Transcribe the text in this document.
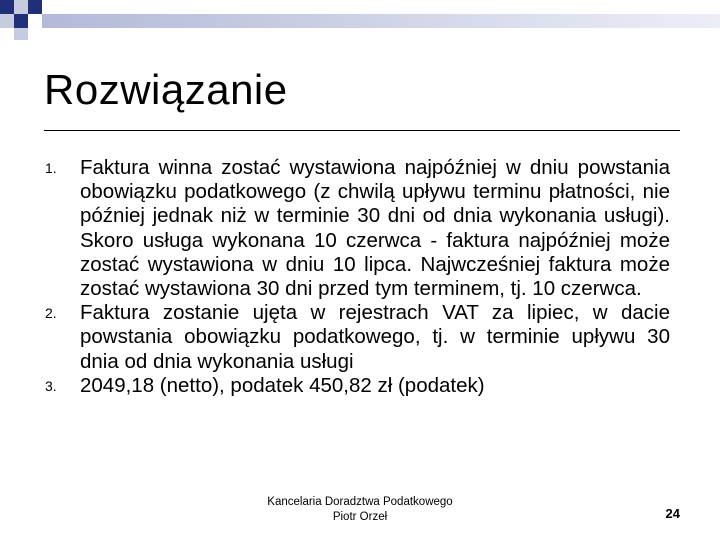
Rozwiązanie
1. Faktura winna zostać wystawiona najpóźniej w dniu powstania obowiązku podatkowego (z chwilą upływu terminu płatności, nie później jednak niż w terminie 30 dni od dnia wykonania usługi). Skoro usługa wykonana 10 czerwca - faktura najpóźniej może zostać wystawiona w dniu 10 lipca. Najwcześniej faktura może zostać wystawiona 30 dni przed tym terminem, tj. 10 czerwca.
2. Faktura zostanie ujęta w rejestrach VAT za lipiec, w dacie powstania obowiązku podatkowego, tj. w terminie upływu 30 dnia od dnia wykonania usługi
3. 2049,18 (netto), podatek 450,82 zł (podatek)
Kancelaria Doradztwa Podatkowego
Piotr Orzeł	24
